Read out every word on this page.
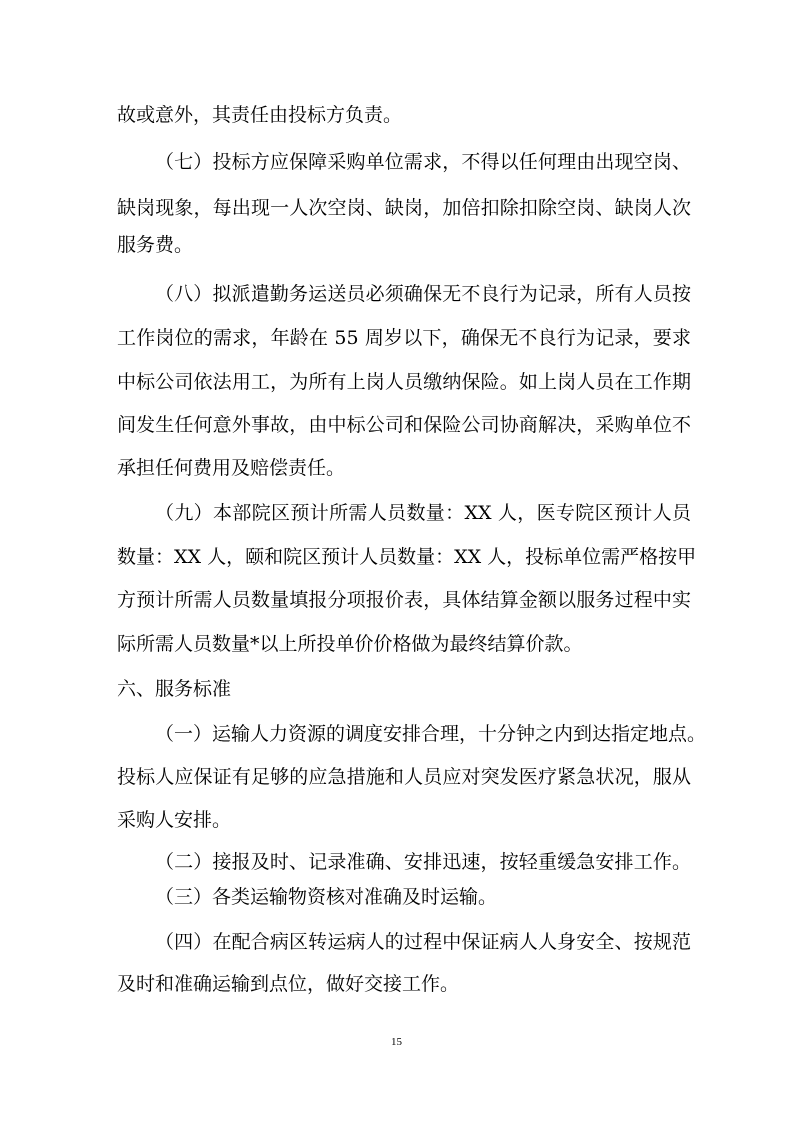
故或意外，其责任由投标方负责。

（七）投标方应保障采购单位需求，不得以任何理由出现空岗、

缺岗现象，每出现一人次空岗、缺岗，加倍扣除扣除空岗、缺岗人次

服务费。

（八）拟派遣勤务运送员必须确保无不良行为记录，所有人员按

工作岗位的需求，年龄在 55 周岁以下，确保无不良行为记录，要求

中标公司依法用工，为所有上岗人员缴纳保险。如上岗人员在工作期

间发生任何意外事故，由中标公司和保险公司协商解决，采购单位不

承担任何费用及赔偿责任。

（九）本部院区预计所需人员数量：XX 人，医专院区预计人员

数量：XX 人，颐和院区预计人员数量：XX 人，投标单位需严格按甲

方预计所需人员数量填报分项报价表，具体结算金额以服务过程中实

际所需人员数量*以上所投单价价格做为最终结算价款。

六、服务标准

（一）运输人力资源的调度安排合理，十分钟之内到达指定地点。

投标人应保证有足够的应急措施和人员应对突发医疗紧急状况，服从

采购人安排。

（二）接报及时、记录准确、安排迅速，按轻重缓急安排工作。

（三）各类运输物资核对准确及时运输。

（四）在配合病区转运病人的过程中保证病人人身安全、按规范

及时和准确运输到点位，做好交接工作。

15
